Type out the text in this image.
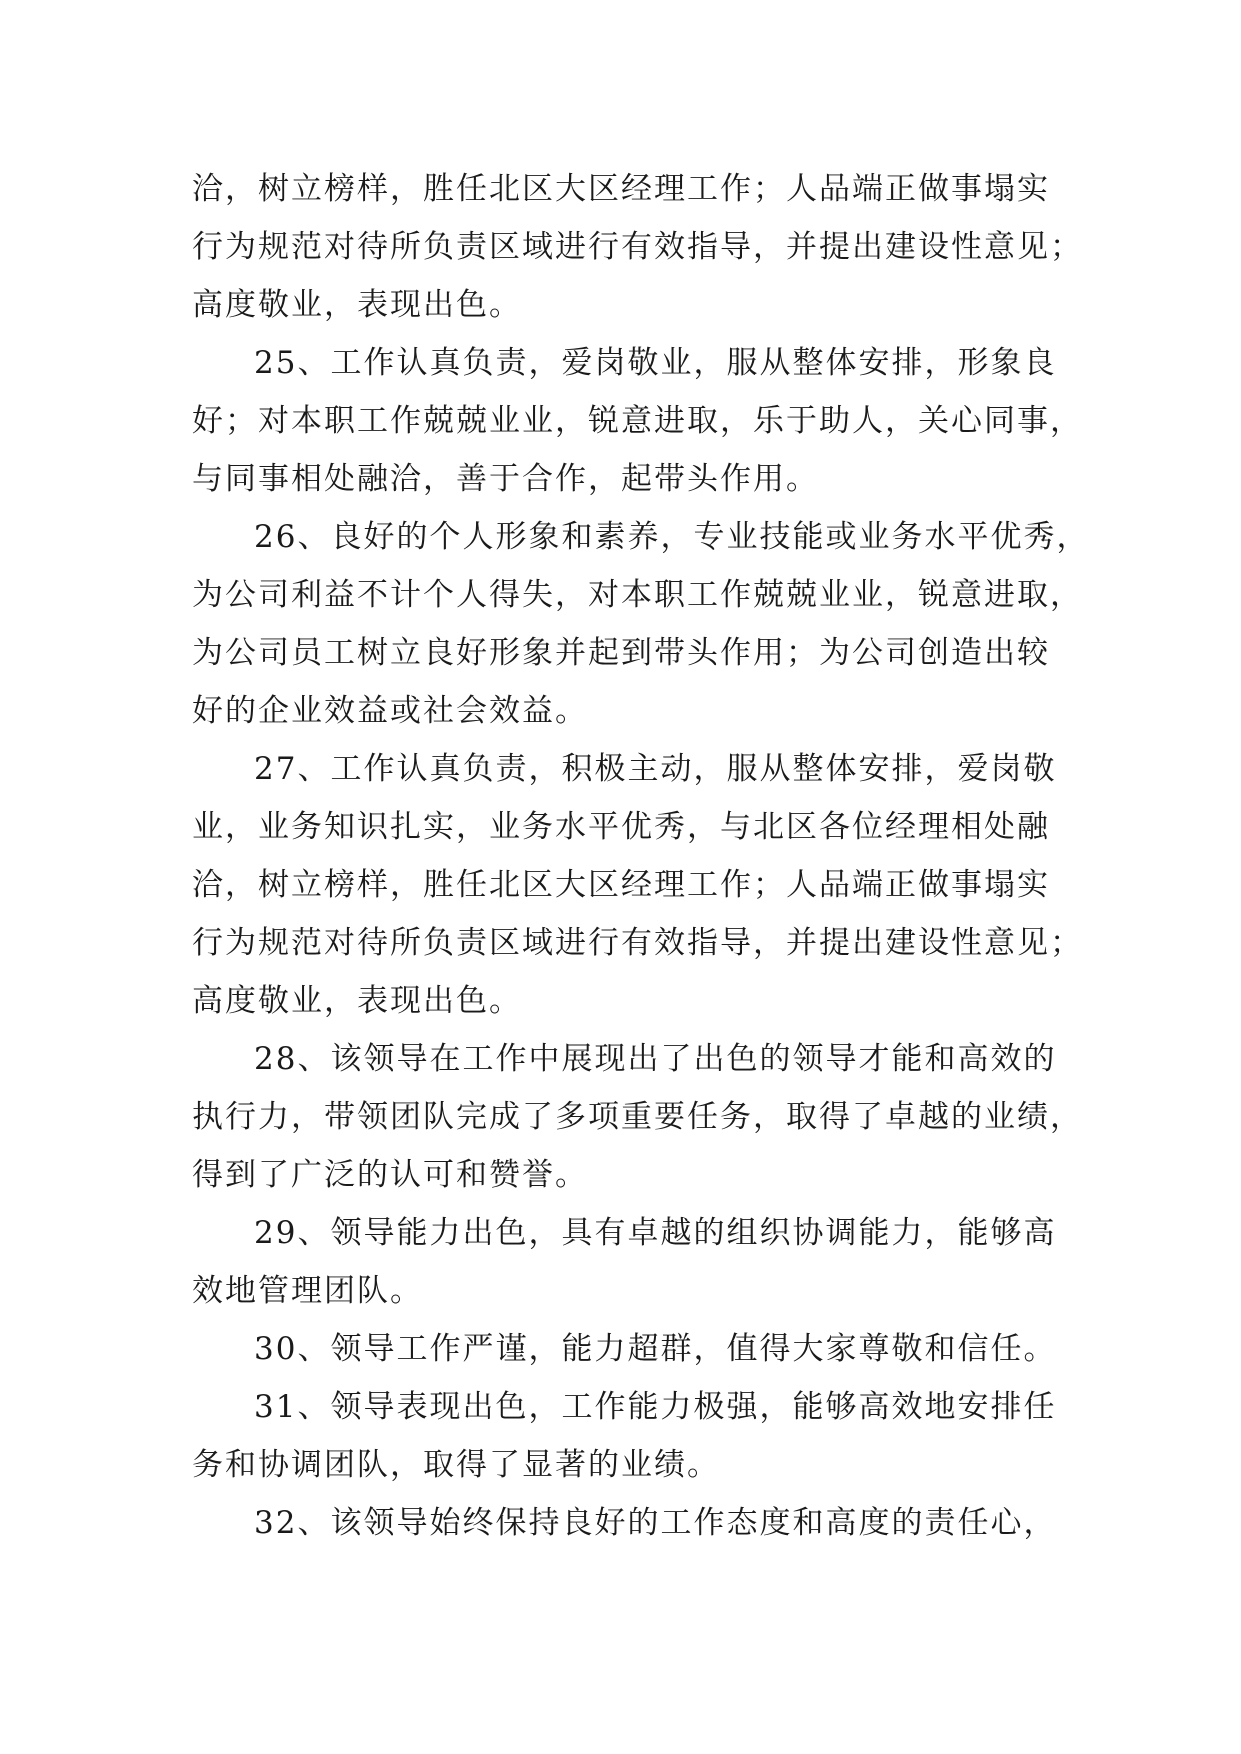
洽，树立榜样，胜任北区大区经理工作；人品端正做事塌实
行为规范对待所负责区域进行有效指导，并提出建设性意见；
高度敬业，表现出色。

25、工作认真负责，爱岗敬业，服从整体安排，形象良
好；对本职工作兢兢业业，锐意进取，乐于助人，关心同事，
与同事相处融洽，善于合作，起带头作用。

26、良好的个人形象和素养，专业技能或业务水平优秀，
为公司利益不计个人得失，对本职工作兢兢业业，锐意进取，
为公司员工树立良好形象并起到带头作用；为公司创造出较
好的企业效益或社会效益。

27、工作认真负责，积极主动，服从整体安排，爱岗敬
业，业务知识扎实，业务水平优秀，与北区各位经理相处融
洽，树立榜样，胜任北区大区经理工作；人品端正做事塌实
行为规范对待所负责区域进行有效指导，并提出建设性意见；
高度敬业，表现出色。

28、该领导在工作中展现出了出色的领导才能和高效的
执行力，带领团队完成了多项重要任务，取得了卓越的业绩，
得到了广泛的认可和赞誉。

29、领导能力出色，具有卓越的组织协调能力，能够高
效地管理团队。

30、领导工作严谨，能力超群，值得大家尊敬和信任。

31、领导表现出色，工作能力极强，能够高效地安排任
务和协调团队，取得了显著的业绩。

32、该领导始终保持良好的工作态度和高度的责任心，
